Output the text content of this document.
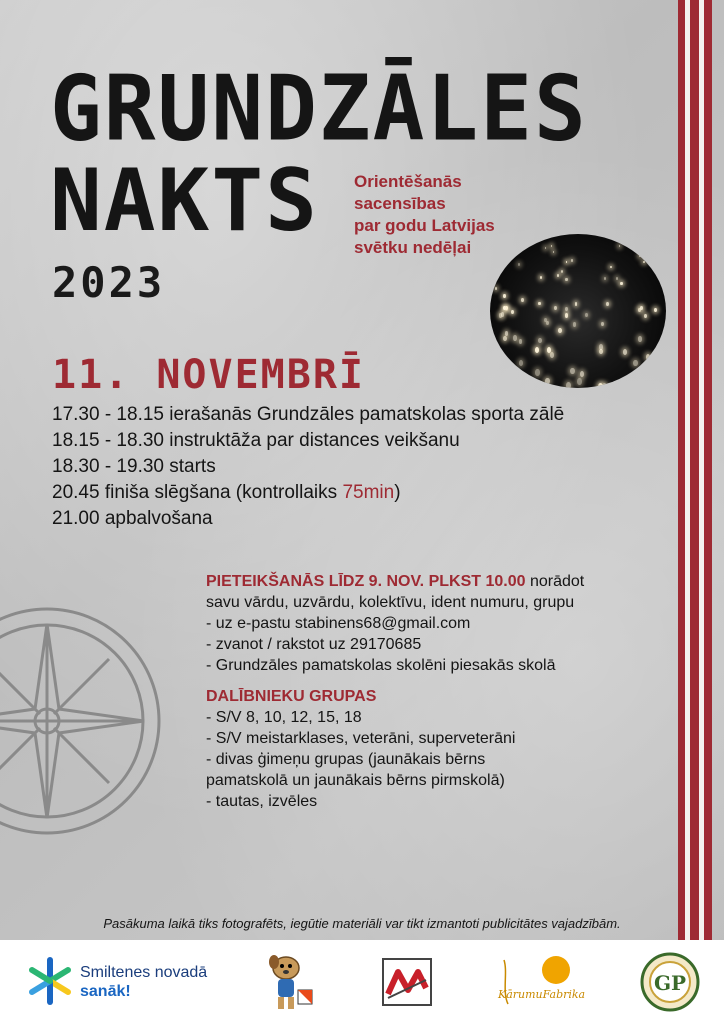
GRUNDZĀLES
NAKTS
2023
Orientēšanās sacensības
par godu Latvijas
svētku nedēļai
11. NOVEMBRĪ
17.30 - 18.15 ierašanās Grundzāles pamatskolas sporta zālē
18.15 - 18.30 instruktāža par distances veikšanu
18.30 - 19.30 starts
20.45 finiša slēgšana (kontrollaiks 75min)
21.00 apbalvošana
PIETEIKŠANĀS LĪDZ 9. NOV. PLKST 10.00 norādot
savu vārdu, uzvārdu, kolektīvu, ident numuru, grupu
- uz e-pastu stabinens68@gmail.com
- zvanot / rakstot uz 29170685
- Grundzāles pamatskolas skolēni piesakās skolā
DALĪBNIEKU GRUPAS
- S/V 8, 10, 12, 15, 18
- S/V meistarklases, veterāni, superveterāni
- divas ģimeņu grupas (jaunākais bērns
pamatskolā un jaunākais bērns pirmskolā)
- tautas, izvēles
Pasākuma laikā tiks fotografēts, iegūtie materiāli var tikt izmantoti publicitātes vajadzībām.
Smiltenes novadā
sanāk!	KārumuFabrika	GP
